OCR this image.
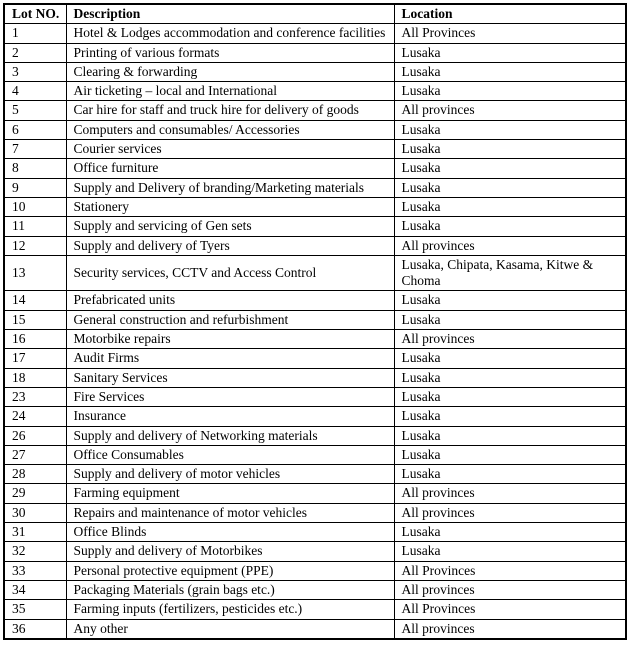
Lot NO.	Description	Location
1	Hotel & Lodges accommodation and conference facilities	All Provinces
2	Printing of various formats	Lusaka
3	Clearing & forwarding	Lusaka
4	Air ticketing – local and International	Lusaka
5	Car hire for staff and truck hire for delivery of goods	All provinces
6	Computers and consumables/ Accessories	Lusaka
7	Courier services	Lusaka
8	Office furniture	Lusaka
9	Supply and Delivery of branding/Marketing materials	Lusaka
10	Stationery	Lusaka
11	Supply and servicing of Gen sets	Lusaka
12	Supply and delivery of Tyers	All provinces
13	Security services, CCTV and Access Control	Lusaka, Chipata, Kasama, Kitwe & Choma
14	Prefabricated units	Lusaka
15	General construction and refurbishment	Lusaka
16	Motorbike repairs	All provinces
17	Audit Firms	Lusaka
18	Sanitary Services	Lusaka
23	Fire Services	Lusaka
24	Insurance	Lusaka
26	Supply and delivery of Networking materials	Lusaka
27	Office Consumables	Lusaka
28	Supply and delivery of motor vehicles	Lusaka
29	Farming equipment	All provinces
30	Repairs and maintenance of motor vehicles	All provinces
31	Office Blinds	Lusaka
32	Supply and delivery of Motorbikes	Lusaka
33	Personal protective equipment (PPE)	All Provinces
34	Packaging Materials (grain bags etc.)	All provinces
35	Farming inputs (fertilizers, pesticides etc.)	All Provinces
36	Any other	All provinces
